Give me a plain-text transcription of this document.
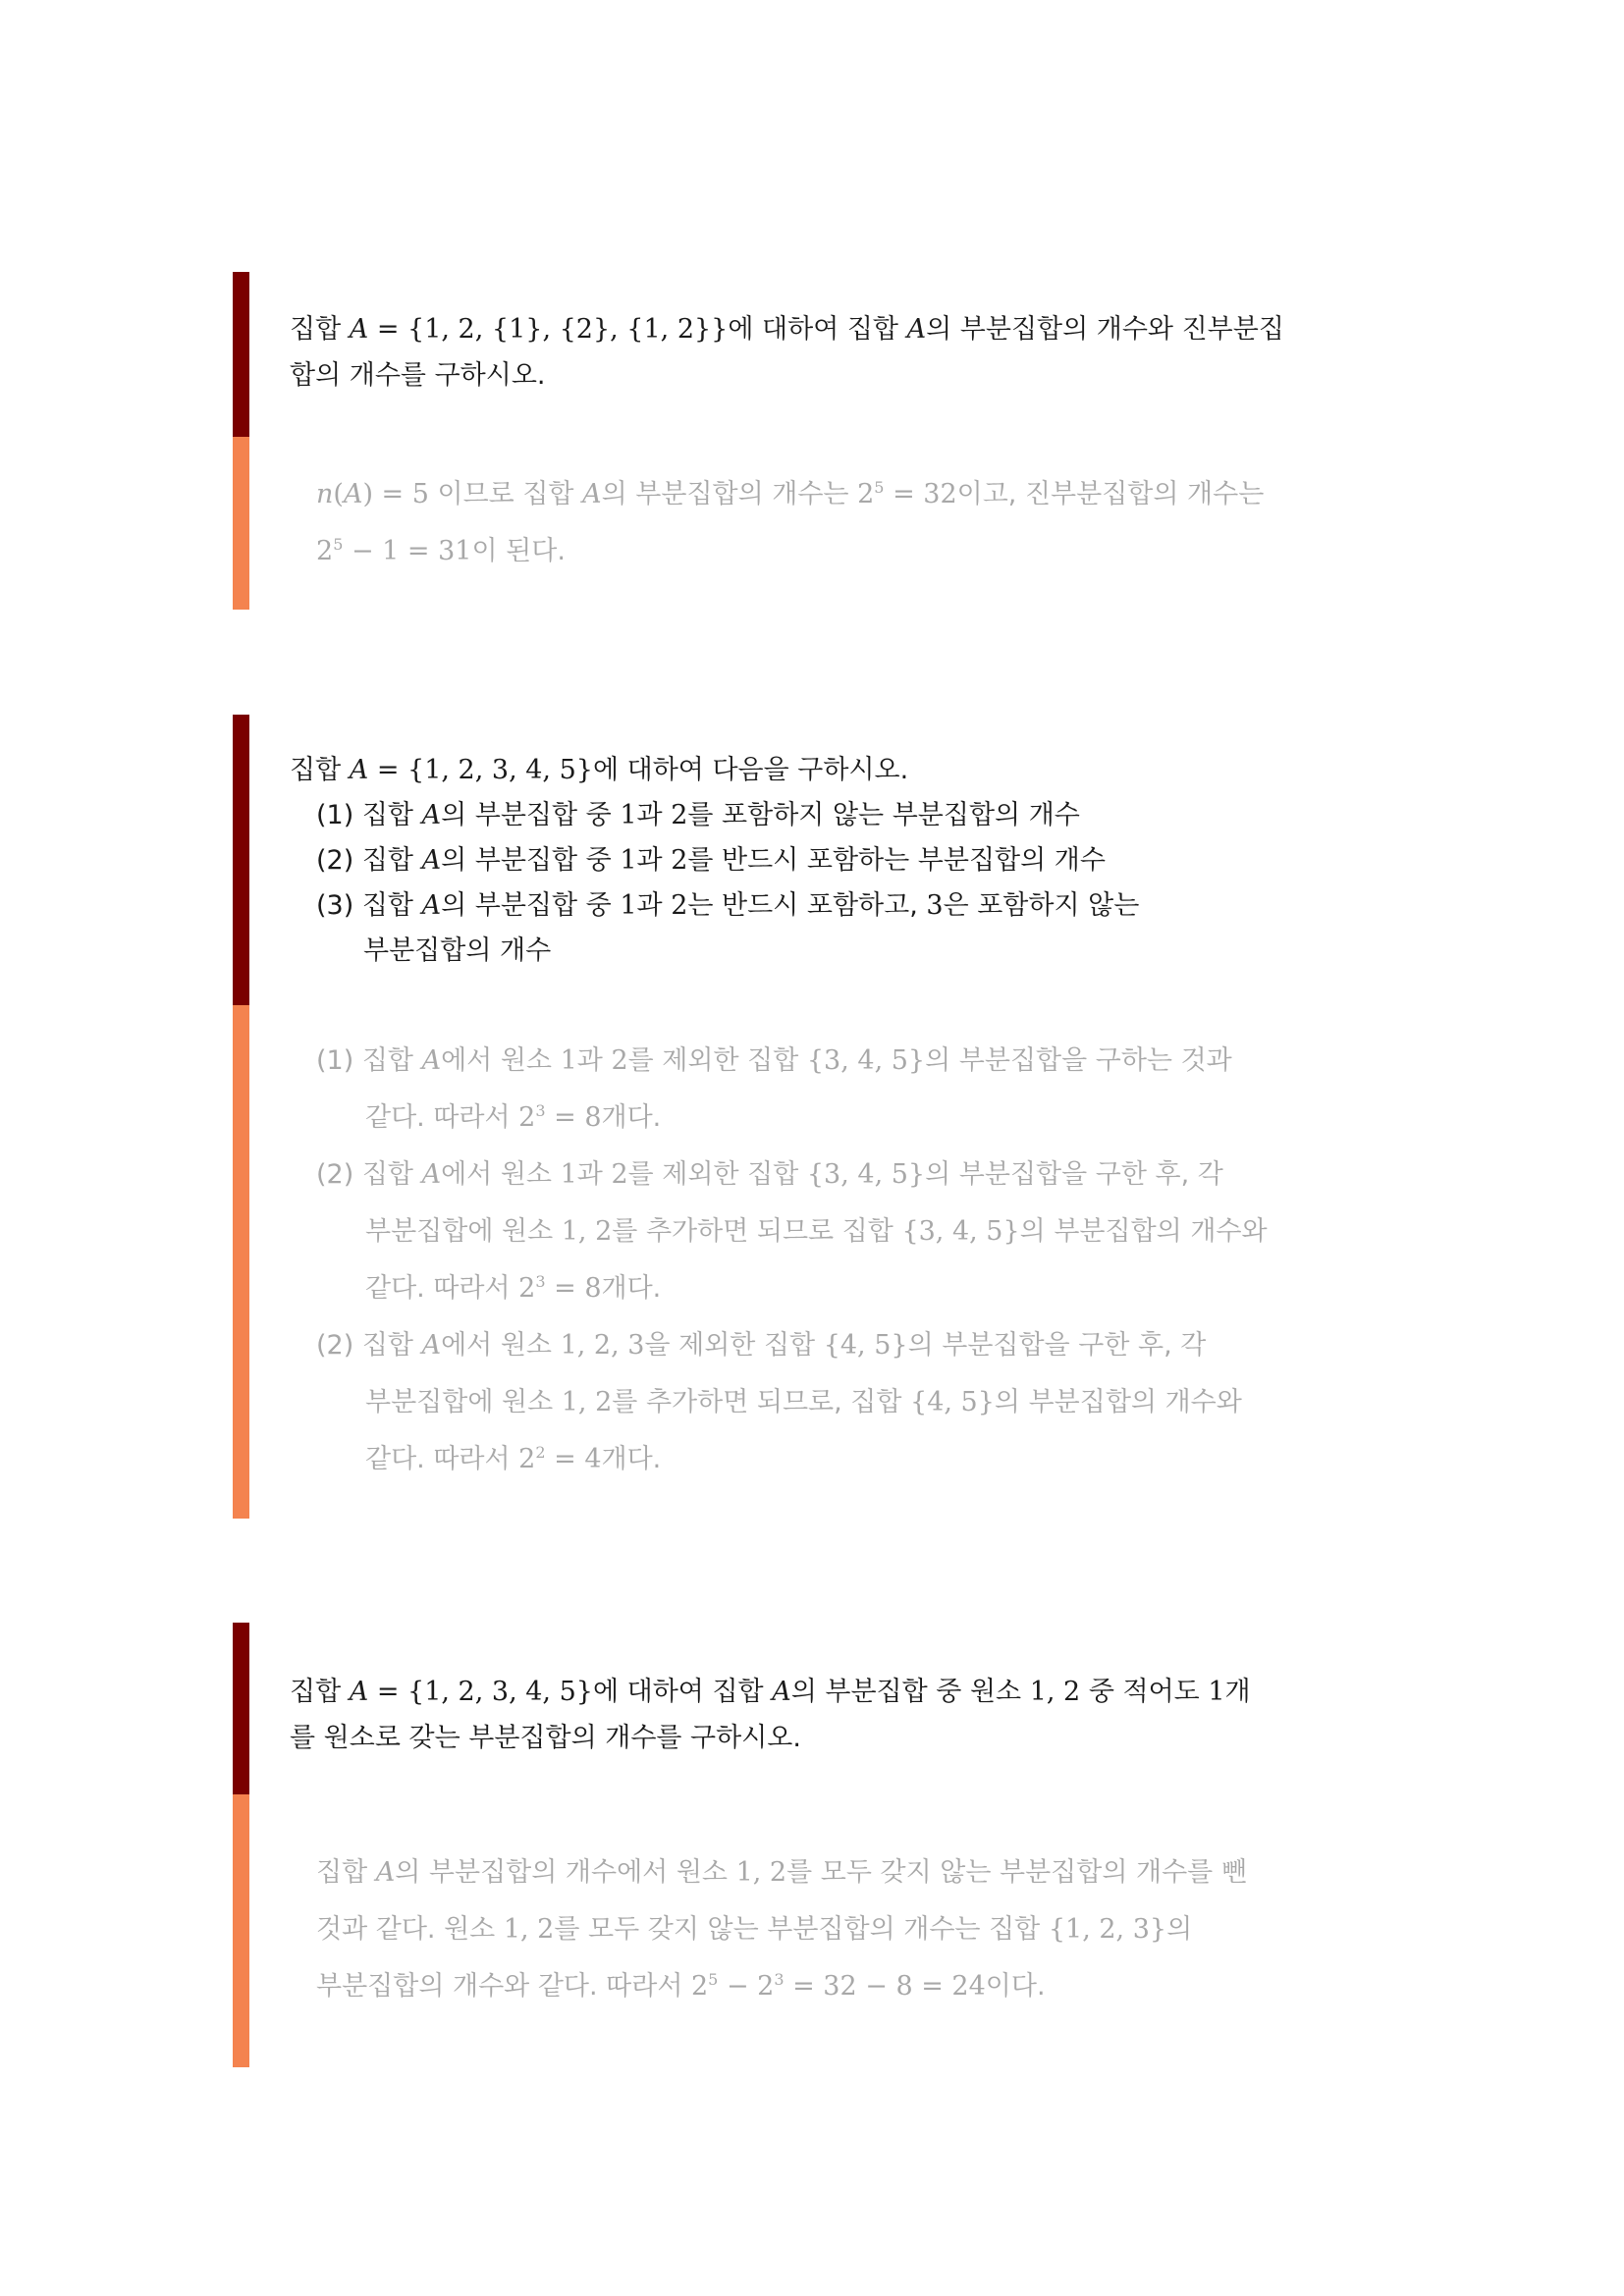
집합 A = {1, 2, {1}, {2}, {1, 2}}에 대하여 집합 A의 부분집합의 개수와 진부분집
합의 개수를 구하시오.
n(A) = 5 이므로 집합 A의 부분집합의 개수는 $2^5 = 32$이고, 진부분집합의 개수는
$2^5 - 1 = 31$이 된다.
집합 A = {1, 2, 3, 4, 5}에 대하여 다음을 구하시오.
(1) 집합 A의 부분집합 중 1과 2를 포함하지 않는 부분집합의 개수
(2) 집합 A의 부분집합 중 1과 2를 반드시 포함하는 부분집합의 개수
(3) 집합 A의 부분집합 중 1과 2는 반드시 포함하고, 3은 포함하지 않는
부분집합의 개수
(1) 집합 A에서 원소 1과 2를 제외한 집합 {3, 4, 5}의 부분집합을 구하는 것과
같다. 따라서 $2^3 = 8$개다.
(2) 집합 A에서 원소 1과 2를 제외한 집합 {3, 4, 5}의 부분집합을 구한 후, 각
부분집합에 원소 1, 2를 추가하면 되므로 집합 {3, 4, 5}의 부분집합의 개수와
같다. 따라서 $2^3 = 8$개다.
(2) 집합 A에서 원소 1, 2, 3을 제외한 집합 {4, 5}의 부분집합을 구한 후, 각
부분집합에 원소 1, 2를 추가하면 되므로, 집합 {4, 5}의 부분집합의 개수와
같다. 따라서 $2^2 = 4$개다.
집합 A = {1, 2, 3, 4, 5}에 대하여 집합 A의 부분집합 중 원소 1, 2 중 적어도 1개
를 원소로 갖는 부분집합의 개수를 구하시오.
집합 A의 부분집합의 개수에서 원소 1, 2를 모두 갖지 않는 부분집합의 개수를 뺀
것과 같다. 원소 1, 2를 모두 갖지 않는 부분집합의 개수는 집합 {1, 2, 3}의
부분집합의 개수와 같다. 따라서 $2^5 - 2^3 = 32 - 8 = 24$이다.
